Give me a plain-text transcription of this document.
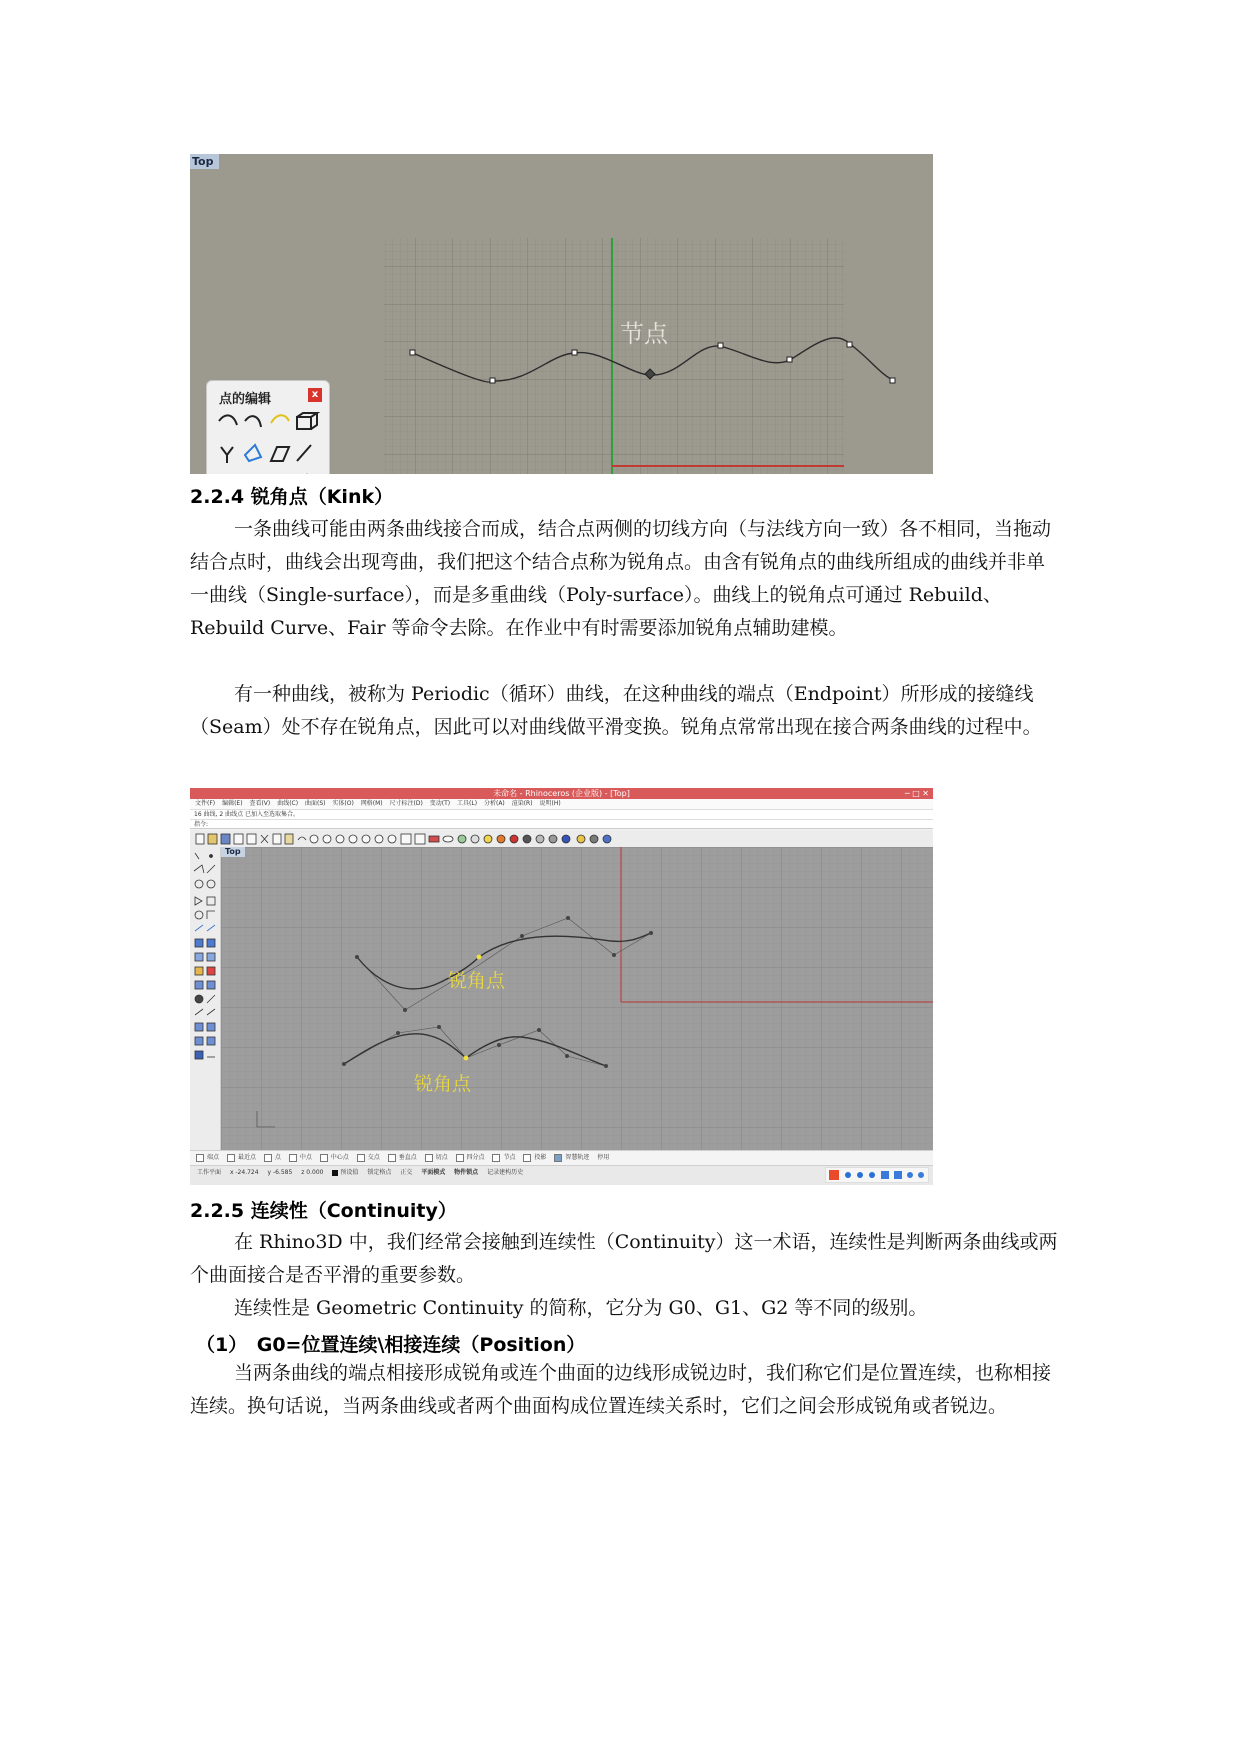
Top
节点
点的编辑	x
2.2.4 锐角点（Kink）

一条曲线可能由两条曲线接合而成，结合点两侧的切线方向（与法线方向一致）各不相同，当拖动结合点时，曲线会出现弯曲，我们把这个结合点称为锐角点。由含有锐角点的曲线所组成的曲线并非单一曲线（Single-surface），而是多重曲线（Poly-surface）。曲线上的锐角点可通过 Rebuild、Rebuild Curve、Fair 等命令去除。在作业中有时需要添加锐角点辅助建模。

有一种曲线，被称为 Periodic（循环）曲线，在这种曲线的端点（Endpoint）所形成的接缝线（Seam）处不存在锐角点，因此可以对曲线做平滑变换。锐角点常常出现在接合两条曲线的过程中。

未命名 - Rhinoceros (企业版) - [Top]	─ □ ✕
文件(F) 编辑(E) 查看(V) 曲线(C) 曲面(S) 实体(O) 网格(M) 尺寸标注(D) 变动(T) 工具(L) 分析(A) 渲染(R) 说明(H)
16 曲线, 2 曲线点 已加入至选取集合。
指令:
Top
锐角点
锐角点
端点	最近点	点	中点	中心点	交点	垂直点	切点	四分点	节点	投影	智慧轨迹 停用
工作平面 x -24.724 y -6.585 z 0.000	预设值 锁定格点 正交 平面模式 物件锁点 记录建构历史
2.2.5 连续性（Continuity）

在 Rhino3D 中，我们经常会接触到连续性（Continuity）这一术语，连续性是判断两条曲线或两个曲面接合是否平滑的重要参数。

连续性是 Geometric Continuity 的简称，它分为 G0、G1、G2 等不同的级别。

（1）　G0=位置连续\相接连续（Position）

当两条曲线的端点相接形成锐角或连个曲面的边线形成锐边时，我们称它们是位置连续，也称相接连续。换句话说，当两条曲线或者两个曲面构成位置连续关系时，它们之间会形成锐角或者锐边。
